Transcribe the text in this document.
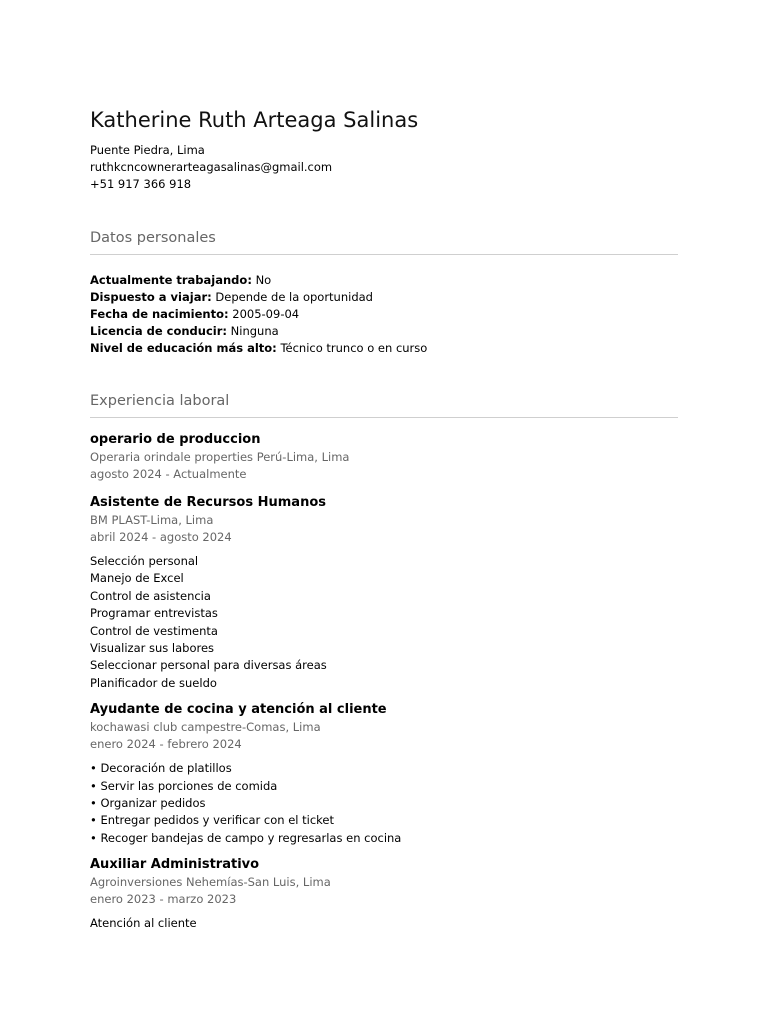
Katherine Ruth Arteaga Salinas
Puente Piedra, Lima
ruthkcncownerarteagasalinas@gmail.com
+51 917 366 918
Datos personales
Actualmente trabajando: No
Dispuesto a viajar: Depende de la oportunidad
Fecha de nacimiento: 2005-09-04
Licencia de conducir: Ninguna
Nivel de educación más alto: Técnico trunco o en curso
Experiencia laboral
operario de produccion
Operaria orindale properties Perú-Lima, Lima
agosto 2024 - Actualmente
Asistente de Recursos Humanos
BM PLAST-Lima, Lima
abril 2024 - agosto 2024
Selección personal
Manejo de Excel
Control de asistencia
Programar entrevistas
Control de vestimenta
Visualizar sus labores
Seleccionar personal para diversas áreas
Planificador de sueldo
Ayudante de cocina y atención al cliente
kochawasi club campestre-Comas, Lima
enero 2024 - febrero 2024
• Decoración de platillos
• Servir las porciones de comida
• Organizar pedidos
• Entregar pedidos y verificar con el ticket
• Recoger bandejas de campo y regresarlas en cocina
Auxiliar Administrativo
Agroinversiones Nehemías-San Luis, Lima
enero 2023 - marzo 2023
Atención al cliente
